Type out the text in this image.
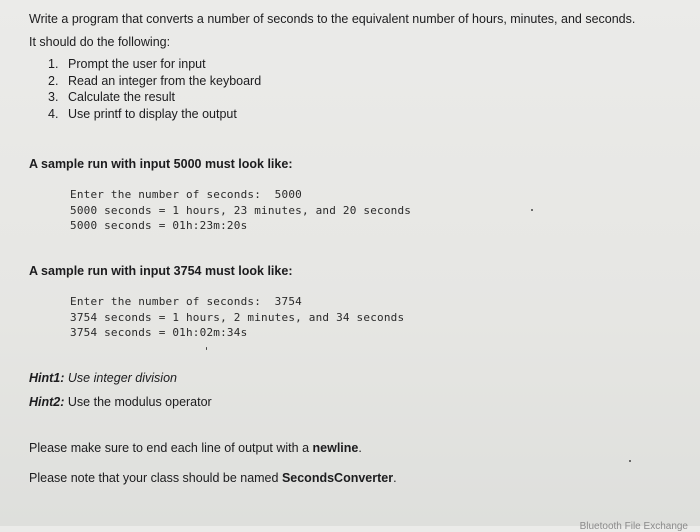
Write a program that converts a number of seconds to the equivalent number of hours, minutes, and seconds.
It should do the following:
1. Prompt the user for input
2. Read an integer from the keyboard
3. Calculate the result
4. Use printf to display the output
A sample run with input 5000 must look like:
Enter the number of seconds:  5000
5000 seconds = 1 hours, 23 minutes, and 20 seconds
5000 seconds = 01h:23m:20s
A sample run with input 3754 must look like:
Enter the number of seconds:  3754
3754 seconds = 1 hours, 2 minutes, and 34 seconds
3754 seconds = 01h:02m:34s
Hint1: Use integer division
Hint2: Use the modulus operator
Please make sure to end each line of output with a newline.
Please note that your class should be named SecondsConverter.
Bluetooth File Exchange
